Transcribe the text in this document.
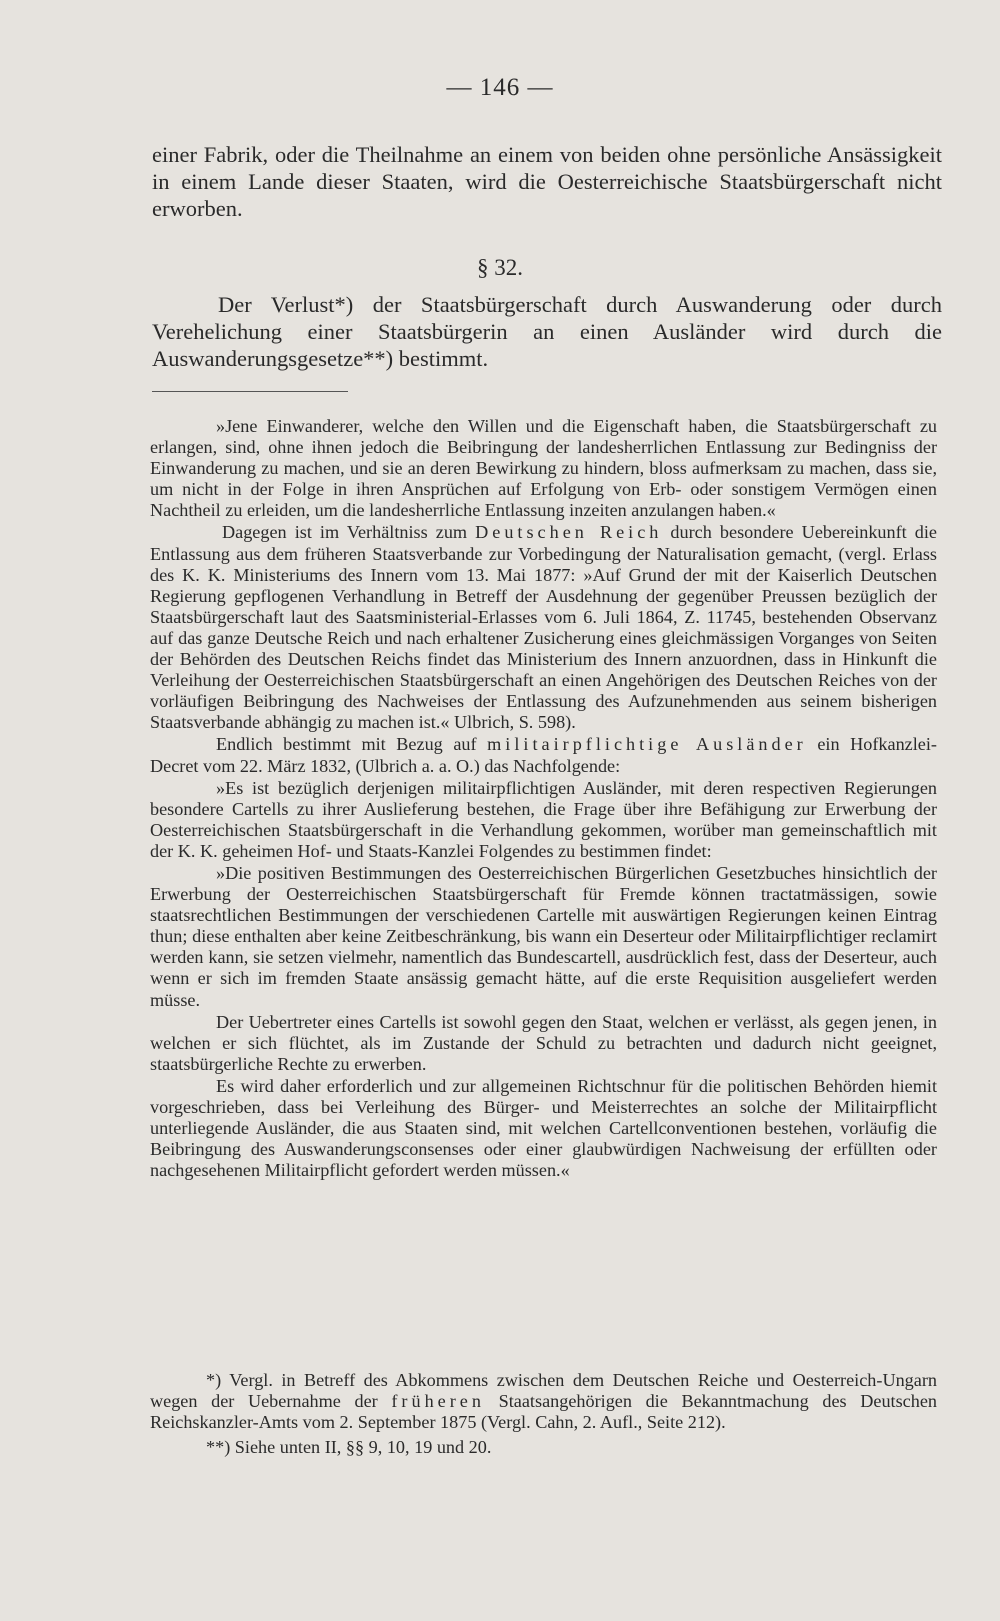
— 146 —

einer Fabrik, oder die Theilnahme an einem von beiden ohne persönliche Ansässigkeit in einem Lande dieser Staaten, wird die Oesterreichische Staatsbürgerschaft nicht erworben.

§ 32.

Der Verlust*) der Staatsbürgerschaft durch Auswanderung oder durch Verehelichung einer Staatsbürgerin an einen Ausländer wird durch die Auswanderungsgesetze**) bestimmt.

»Jene Einwanderer, welche den Willen und die Eigenschaft haben, die Staatsbürgerschaft zu erlangen, sind, ohne ihnen jedoch die Beibringung der landesherrlichen Entlassung zur Bedingniss der Einwanderung zu machen, und sie an deren Bewirkung zu hindern, bloss aufmerksam zu machen, dass sie, um nicht in der Folge in ihren Ansprüchen auf Erfolgung von Erb- oder sonstigem Vermögen einen Nachtheil zu erleiden, um die landesherrliche Entlassung inzeiten anzulangen haben.«

Dagegen ist im Verhältniss zum Deutschen Reich durch besondere Uebereinkunft die Entlassung aus dem früheren Staatsverbande zur Vorbedingung der Naturalisation gemacht, (vergl. Erlass des K. K. Ministeriums des Innern vom 13. Mai 1877: »Auf Grund der mit der Kaiserlich Deutschen Regierung gepflogenen Verhandlung in Betreff der Ausdehnung der gegenüber Preussen bezüglich der Staatsbürgerschaft laut des Saatsministerial-Erlasses vom 6. Juli 1864, Z. 11745, bestehenden Observanz auf das ganze Deutsche Reich und nach erhaltener Zusicherung eines gleichmässigen Vorganges von Seiten der Behörden des Deutschen Reichs findet das Ministerium des Innern anzuordnen, dass in Hinkunft die Verleihung der Oesterreichischen Staatsbürgerschaft an einen Angehörigen des Deutschen Reiches von der vorläufigen Beibringung des Nachweises der Entlassung des Aufzunehmenden aus seinem bisherigen Staatsverbande abhängig zu machen ist.« Ulbrich, S. 598).

Endlich bestimmt mit Bezug auf militairpflichtige Ausländer ein Hofkanzlei-Decret vom 22. März 1832, (Ulbrich a. a. O.) das Nachfolgende:

»Es ist bezüglich derjenigen militairpflichtigen Ausländer, mit deren respectiven Regierungen besondere Cartells zu ihrer Auslieferung bestehen, die Frage über ihre Befähigung zur Erwerbung der Oesterreichischen Staatsbürgerschaft in die Verhandlung gekommen, worüber man gemeinschaftlich mit der K. K. geheimen Hof- und Staats-Kanzlei Folgendes zu bestimmen findet:

»Die positiven Bestimmungen des Oesterreichischen Bürgerlichen Gesetzbuches hinsichtlich der Erwerbung der Oesterreichischen Staatsbürgerschaft für Fremde können tractatmässigen, sowie staatsrechtlichen Bestimmungen der verschiedenen Cartelle mit auswärtigen Regierungen keinen Eintrag thun; diese enthalten aber keine Zeitbeschränkung, bis wann ein Deserteur oder Militairpflichtiger reclamirt werden kann, sie setzen vielmehr, namentlich das Bundescartell, ausdrücklich fest, dass der Deserteur, auch wenn er sich im fremden Staate ansässig gemacht hätte, auf die erste Requisition ausgeliefert werden müsse.

Der Uebertreter eines Cartells ist sowohl gegen den Staat, welchen er verlässt, als gegen jenen, in welchen er sich flüchtet, als im Zustande der Schuld zu betrachten und dadurch nicht geeignet, staatsbürgerliche Rechte zu erwerben.

Es wird daher erforderlich und zur allgemeinen Richtschnur für die politischen Behörden hiemit vorgeschrieben, dass bei Verleihung des Bürger- und Meisterrechtes an solche der Militairpflicht unterliegende Ausländer, die aus Staaten sind, mit welchen Cartellconventionen bestehen, vorläufig die Beibringung des Auswanderungsconsenses oder einer glaubwürdigen Nachweisung der erfüllten oder nachgesehenen Militairpflicht gefordert werden müssen.«

*) Vergl. in Betreff des Abkommens zwischen dem Deutschen Reiche und Oesterreich-Ungarn wegen der Uebernahme der früheren Staatsangehörigen die Bekanntmachung des Deutschen Reichskanzler-Amts vom 2. September 1875 (Vergl. Cahn, 2. Aufl., Seite 212).

**) Siehe unten II, §§ 9, 10, 19 und 20.
